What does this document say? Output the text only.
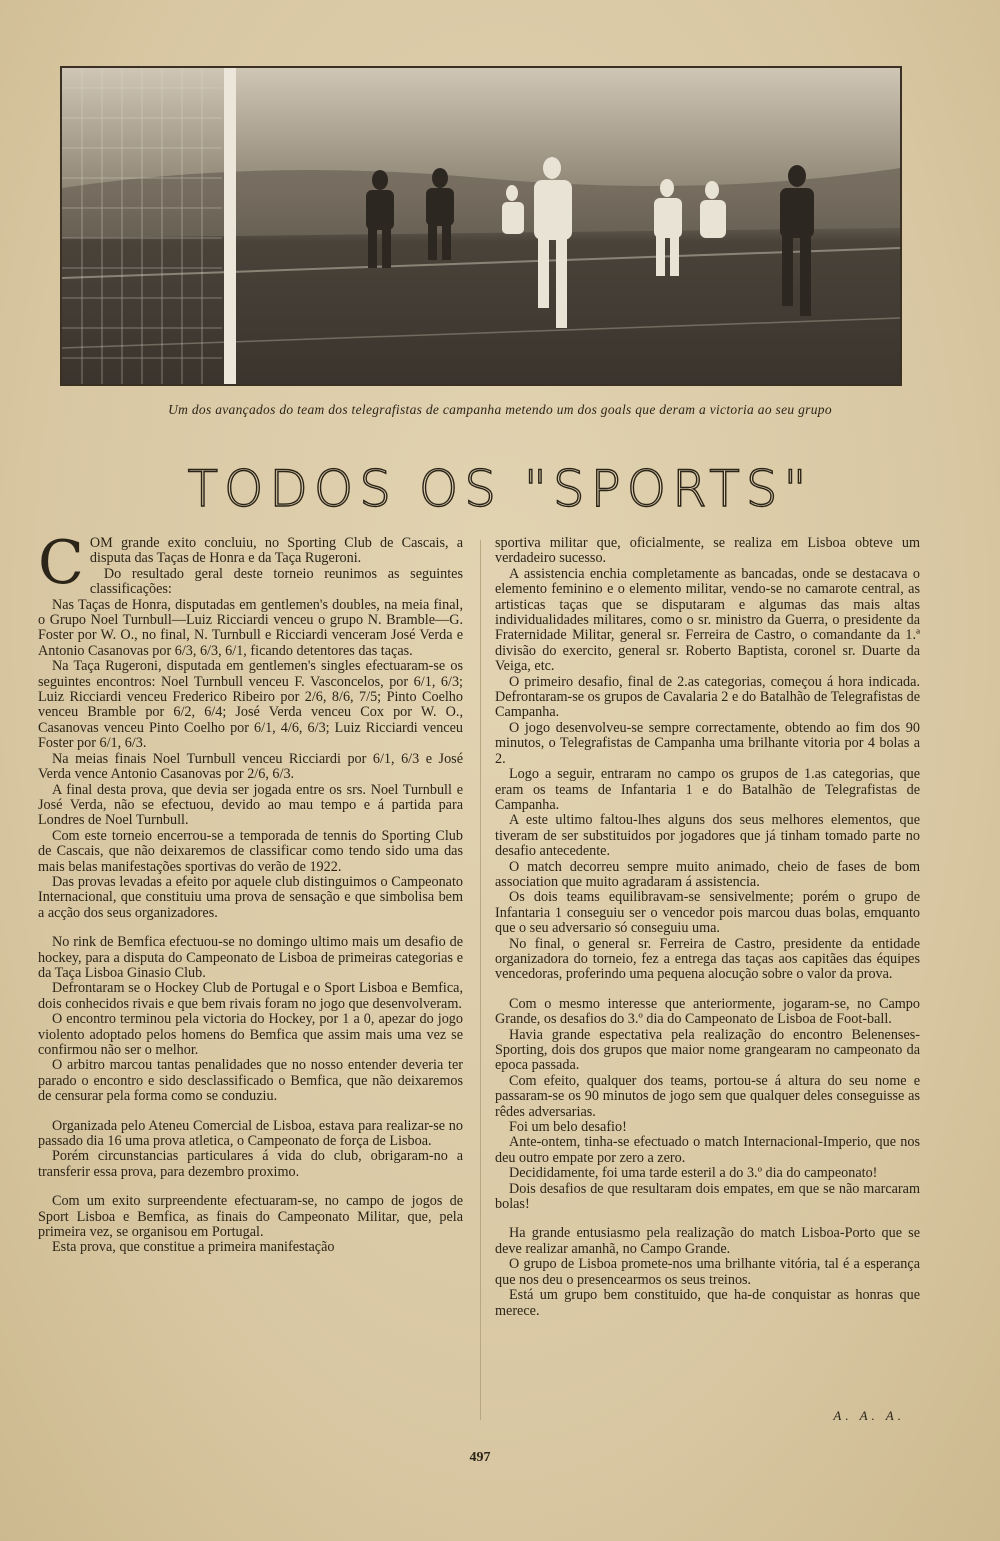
Um dos avançados do team dos telegrafistas de campanha metendo um dos goals que deram a victoria ao seu grupo
TODOS OS "SPORTS"

COM grande exito concluiu, no Sporting Club de Cascais, a disputa das Taças de Honra e da Taça Rugeroni.

Do resultado geral deste torneio reunimos as seguintes classificações:

Nas Taças de Honra, disputadas em gentlemen's doubles, na meia final, o Grupo Noel Turnbull—Luiz Ricciardi venceu o grupo N. Bramble—G. Foster por W. O., no final, N. Turnbull e Ricciardi venceram José Verda e Antonio Casanovas por 6/3, 6/3, 6/1, ficando detentores das taças.

Na Taça Rugeroni, disputada em gentlemen's singles efectuaram-se os seguintes encontros: Noel Turnbull venceu F. Vasconcelos, por 6/1, 6/3; Luiz Ricciardi venceu Frederico Ribeiro por 2/6, 8/6, 7/5; Pinto Coelho venceu Bramble por 6/2, 6/4; José Verda venceu Cox por W. O., Casanovas venceu Pinto Coelho por 6/1, 4/6, 6/3; Luiz Ricciardi venceu Foster por 6/1, 6/3.

Na meias finais Noel Turnbull venceu Ricciardi por 6/1, 6/3 e José Verda vence Antonio Casanovas por 2/6, 6/3.

A final desta prova, que devia ser jogada entre os srs. Noel Turnbull e José Verda, não se efectuou, devido ao mau tempo e á partida para Londres de Noel Turnbull.

Com este torneio encerrou-se a temporada de tennis do Sporting Club de Cascais, que não deixaremos de classificar como tendo sido uma das mais belas manifestações sportivas do verão de 1922.

Das provas levadas a efeito por aquele club distinguimos o Campeonato Internacional, que constituiu uma prova de sensação e que simbolisa bem a acção dos seus organizadores.

No rink de Bemfica efectuou-se no domingo ultimo mais um desafio de hockey, para a disputa do Campeonato de Lisboa de primeiras categorias e da Taça Lisboa Ginasio Club.

Defrontaram se o Hockey Club de Portugal e o Sport Lisboa e Bemfica, dois conhecidos rivais e que bem rivais foram no jogo que desenvolveram.

O encontro terminou pela victoria do Hockey, por 1 a 0, apezar do jogo violento adoptado pelos homens do Bemfica que assim mais uma vez se confirmou não ser o melhor.

O arbitro marcou tantas penalidades que no nosso entender deveria ter parado o encontro e sido desclassificado o Bemfica, que não deixaremos de censurar pela forma como se conduziu.

Organizada pelo Ateneu Comercial de Lisboa, estava para realizar-se no passado dia 16 uma prova atletica, o Campeonato de força de Lisboa.

Porém circunstancias particulares á vida do club, obrigaram-no a transferir essa prova, para dezembro proximo.

Com um exito surpreendente efectuaram-se, no campo de jogos de Sport Lisboa e Bemfica, as finais do Campeonato Militar, que, pela primeira vez, se organisou em Portugal.

Esta prova, que constitue a primeira manifestação

sportiva militar que, oficialmente, se realiza em Lisboa obteve um verdadeiro sucesso.

A assistencia enchia completamente as bancadas, onde se destacava o elemento feminino e o elemento militar, vendo-se no camarote central, as artisticas taças que se disputaram e algumas das mais altas individualidades militares, como o sr. ministro da Guerra, o presidente da Fraternidade Militar, general sr. Ferreira de Castro, o comandante da 1.ª divisão do exercito, general sr. Roberto Baptista, coronel sr. Duarte da Veiga, etc.

O primeiro desafio, final de 2.as categorias, começou á hora indicada. Defrontaram-se os grupos de Cavalaria 2 e do Batalhão de Telegrafistas de Campanha.

O jogo desenvolveu-se sempre correctamente, obtendo ao fim dos 90 minutos, o Telegrafistas de Campanha uma brilhante vitoria por 4 bolas a 2.

Logo a seguir, entraram no campo os grupos de 1.as categorias, que eram os teams de Infantaria 1 e do Batalhão de Telegrafistas de Campanha.

A este ultimo faltou-lhes alguns dos seus melhores elementos, que tiveram de ser substituidos por jogadores que já tinham tomado parte no desafio antecedente.

O match decorreu sempre muito animado, cheio de fases de bom association que muito agradaram á assistencia.

Os dois teams equilibravam-se sensivelmente; porém o grupo de Infantaria 1 conseguiu ser o vencedor pois marcou duas bolas, emquanto que o seu adversario só conseguiu uma.

No final, o general sr. Ferreira de Castro, presidente da entidade organizadora do torneio, fez a entrega das taças aos capitães das équipes vencedoras, proferindo uma pequena alocução sobre o valor da prova.

Com o mesmo interesse que anteriormente, jogaram-se, no Campo Grande, os desafios do 3.º dia do Campeonato de Lisboa de Foot-ball.

Havia grande espectativa pela realização do encontro Belenenses-Sporting, dois dos grupos que maior nome grangearam no campeonato da epoca passada.

Com efeito, qualquer dos teams, portou-se á altura do seu nome e passaram-se os 90 minutos de jogo sem que qualquer deles conseguisse as rêdes adversarias.

Foi um belo desafio!

Ante-ontem, tinha-se efectuado o match Internacional-Imperio, que nos deu outro empate por zero a zero.

Decididamente, foi uma tarde esteril a do 3.º dia do campeonato!

Dois desafios de que resultaram dois empates, em que se não marcaram bolas!

Ha grande entusiasmo pela realização do match Lisboa-Porto que se deve realizar amanhã, no Campo Grande.

O grupo de Lisboa promete-nos uma brilhante vitória, tal é a esperança que nos deu o presencearmos os seus treinos.

Está um grupo bem constituido, que ha-de conquistar as honras que merece.

A. A. A.
497
